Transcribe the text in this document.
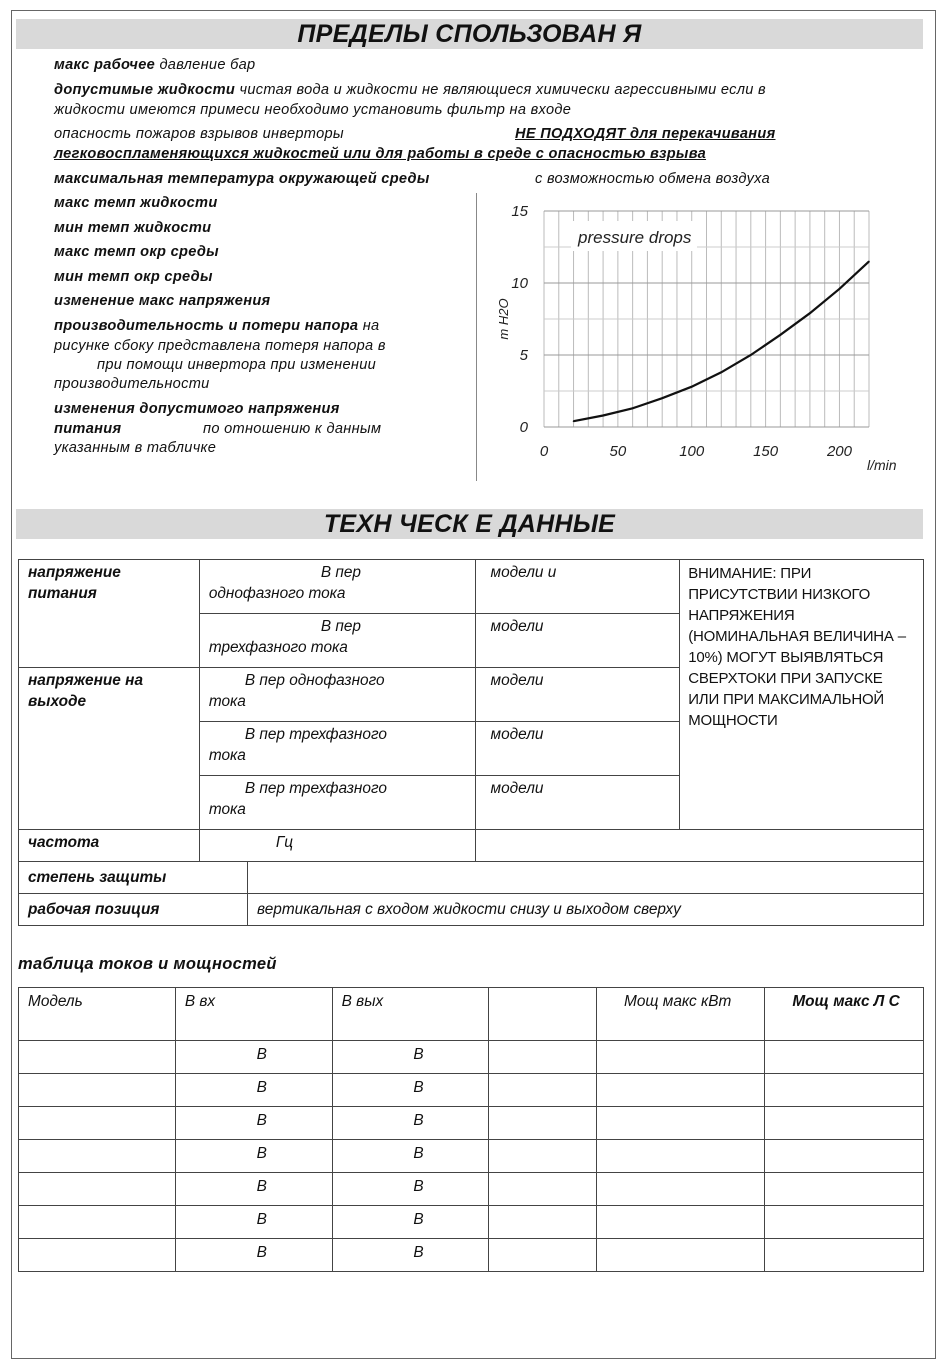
ПРЕДЕЛЫ СПОЛЬЗОВАН Я
макс рабочее давление бар
допустимые жидкости чистая вода и жидкости не являющиеся химически агрессивными если в
жидкости имеются примеси необходимо установить фильтр на входе
опасность пожаров взрывов инверторы	НЕ ПОДХОДЯТ для перекачивания
легковоспламеняющихся жидкостей или для работы в среде с опасностью взрыва
максимальная температура окружающей среды	с возможностью обмена воздуха
макс темп жидкости
мин темп жидкости
макс темп окр среды
мин темп окр среды
изменение макс напряжения
производительность и потери напора на
рисунке сбоку представлена потеря напора в
при помощи инвертора при изменении
производительности
изменения допустимого напряжения
питания	по отношению к данным
указанным в табличке	0	50	100	150	200
0
5
10
15
pressure drops
l/min
m H2O
ТЕХН ЧЕСК Е ДАННЫЕ
напряжение питания	В пер
однофазного тока	модели и	ВНИМАНИЕ: ПРИ ПРИСУТСТВИИ НИЗКОГО НАПРЯЖЕНИЯ (НОМИНАЛЬНАЯ ВЕЛИЧИНА – 10%) МОГУТ ВЫЯВЛЯТЬСЯ СВЕРХТОКИ ПРИ ЗАПУСКЕ ИЛИ ПРИ МАКСИМАЛЬНОЙ МОЩНОСТИ

	В пер
трехфазного тока	модели	
напряжение на выходе	В пер однофазного
тока	модели	

	В пер трехфазного
тока	модели	

	В пер трехфазного
тока	модели	
частота	Гц		
степень защиты	
рабочая позиция	вертикальная с входом жидкости снизу и выходом сверху
таблица токов и мощностей
Модель	В вх	В вых		Мощ макс кВт	Мощ макс Л С
	В	В			
	В	В			
	В	В			
	В	В			
	В	В			
	В	В			
	В	В			
